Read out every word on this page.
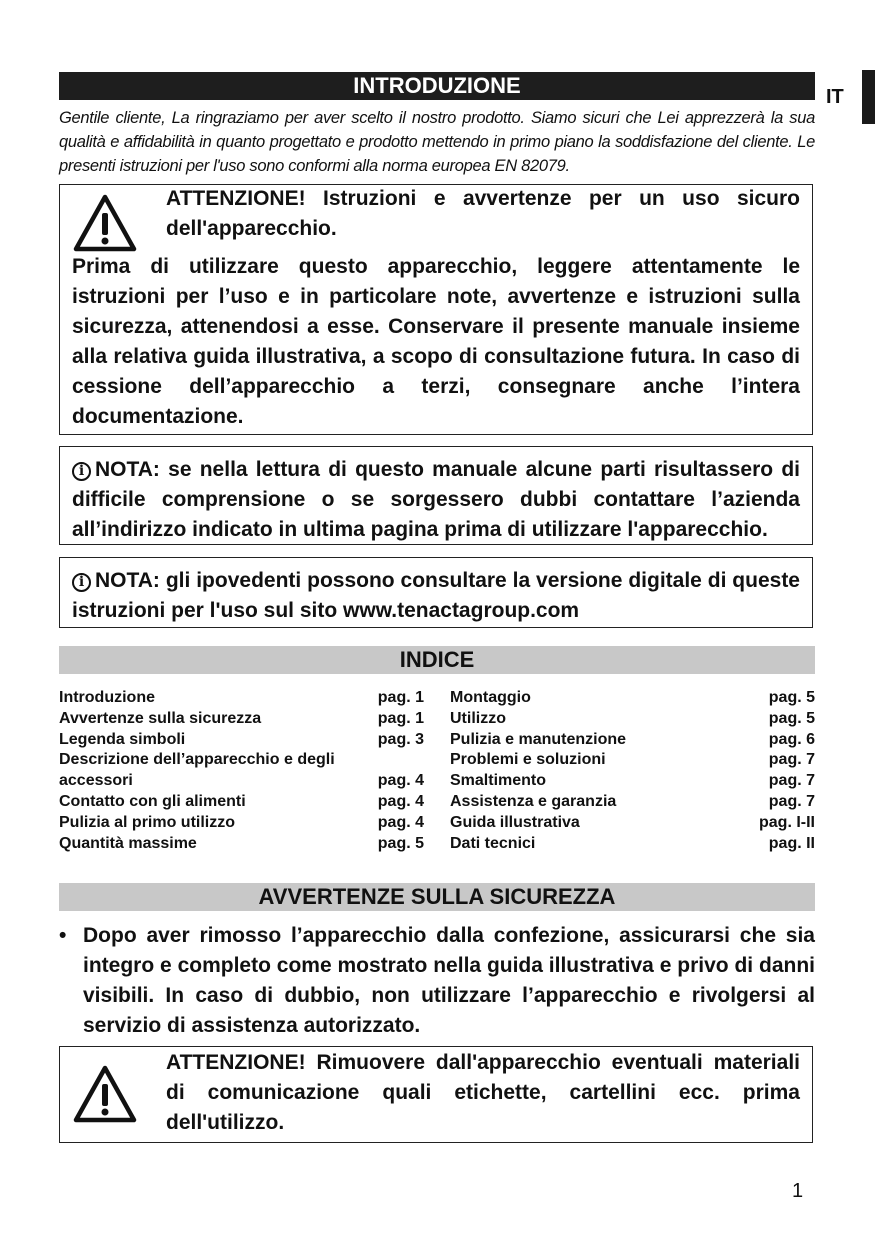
IT
INTRODUZIONE
Gentile cliente, La ringraziamo per aver scelto il nostro prodotto. Siamo sicuri che Lei apprezzerà la sua qualità e affidabilità in quanto progettato e prodotto mettendo in primo piano la soddisfazione del cliente. Le presenti istruzioni per l'uso sono conformi alla norma europea EN 82079.
ATTENZIONE! Istruzioni e avvertenze per un uso sicuro dell'apparecchio.
Prima di utilizzare questo apparecchio, leggere attentamente le istruzioni per l’uso e in particolare note, avvertenze e istruzioni sulla sicurezza, attenendosi a esse. Conservare il presente manuale insieme alla relativa guida illustrativa, a scopo di consultazione futura. In caso di cessione dell’apparecchio a terzi, consegnare anche l’intera documentazione.
i NOTA: se nella lettura di questo manuale alcune parti risultassero di difficile comprensione o se sorgessero dubbi contattare l’azienda all’indirizzo indicato in ultima pagina prima di utilizzare l'apparecchio.
i NOTA: gli ipovedenti possono consultare la versione digitale di queste istruzioni per l'uso sul sito www.tenactagroup.com
INDICE
Introduzione	pag. 1
Avvertenze sulla sicurezza	pag. 1
Legenda simboli	pag. 3
Descrizione dell’apparecchio e degli
accessori	pag. 4
Contatto con gli alimenti	pag. 4
Pulizia al primo utilizzo	pag. 4
Quantità massime	pag. 5
Montaggio	pag. 5
Utilizzo	pag. 5
Pulizia e manutenzione	pag. 6
Problemi e soluzioni	pag. 7
Smaltimento	pag. 7
Assistenza e garanzia	pag. 7
Guida illustrativa	pag. I-II
Dati tecnici	pag. II
AVVERTENZE SULLA SICUREZZA
• Dopo aver rimosso l’apparecchio dalla confezione, assicurarsi che sia integro e completo come mostrato nella guida illustrativa e privo di danni visibili. In caso di dubbio, non utilizzare l’apparecchio e rivolgersi al servizio di assistenza autorizzato.
ATTENZIONE! Rimuovere dall'apparecchio eventuali materiali di comunicazione quali etichette, cartellini ecc. prima dell'utilizzo.
1
